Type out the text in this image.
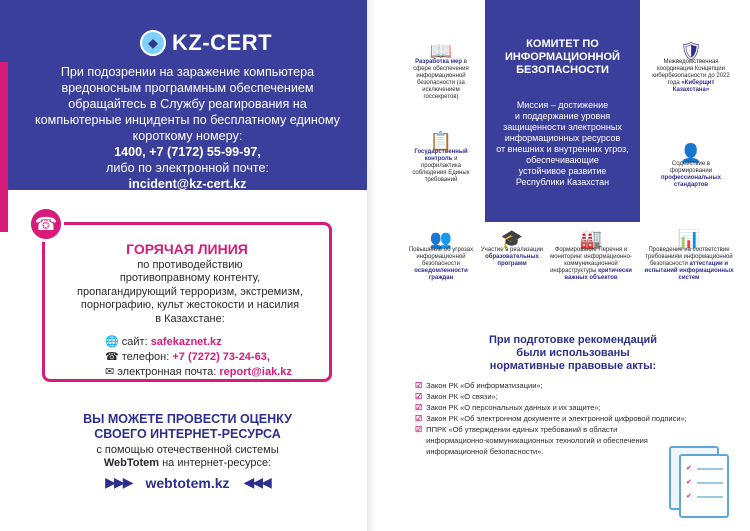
◆ KZ-CERT
При подозрении на заражение компьютера
вредоносным программным обеспечением
обращайтесь в Службу реагирования на
компьютерные инциденты по бесплатному единому
короткому номеру:
1400, +7 (7172) 55-99-97,
либо по электронной почте:
incident@kz-cert.kz
ГОРЯЧАЯ ЛИНИЯ
по противодействию
противоправному контенту,
пропагандирующий терроризм, экстремизм,
порнографию, культ жестокости и насилия
в Казахстане:
🌐 сайт: safekaznet.kz
☎ телефон: +7 (7272) 73-24-63,
✉ электронная почта: report@iak.kz
☎
ВЫ МОЖЕТЕ ПРОВЕСТИ ОЦЕНКУ
СВОЕГО ИНТЕРНЕТ-РЕСУРСА
с помощью отечественной системы
WebTotem на интернет-ресурсе:
▶▶▶ webtotem.kz ◀◀◀
КОМИТЕТ ПО
ИНФОРМАЦИОННОЙ
БЕЗОПАСНОСТИ
Миссия – достижение
и поддержание уровня
защищенности электронных
информационных ресурсов
от внешних и внутренних угроз,
обеспечивающие
устойчивое развитие
Республики Казахстан
📖
Разработка мер в сфере обеспечения информационной безопасности (за исключением госсекретов)
📋
Государственный контроль и профилактика соблюдения Единых требований
🛡
Межведомственная координация Концепции кибербезопасности до 2022 года «Киберщит Казахстана»
👤
Содействие в формировании профессиональных стандартов
👥
Повышение об угрозах информационной безопасности осведомленности граждан
🎓
Участие в реализации образовательных программ
🏭
Формирование Перечня и мониторинг информационно-коммуникационной инфраструктуры критически важных объектов
📊
Проведение на соответствие требованиям информационной безопасности аттестации и испытаний информационных систем
При подготовке рекомендаций
были использованы
нормативные правовые акты:
☑ Закон РК «Об информатизации»;
☑ Закон РК «О связи»;
☑ Закон РК «О персональных данных и их защите»;
☑ Закон РК «Об электронном документе и электронной цифровой подписи»;
☑ ППРК «Об утверждении единых требований в области информационно-коммуникационных технологий и обеспечения информационной безопасности».
✔
✔
✔
